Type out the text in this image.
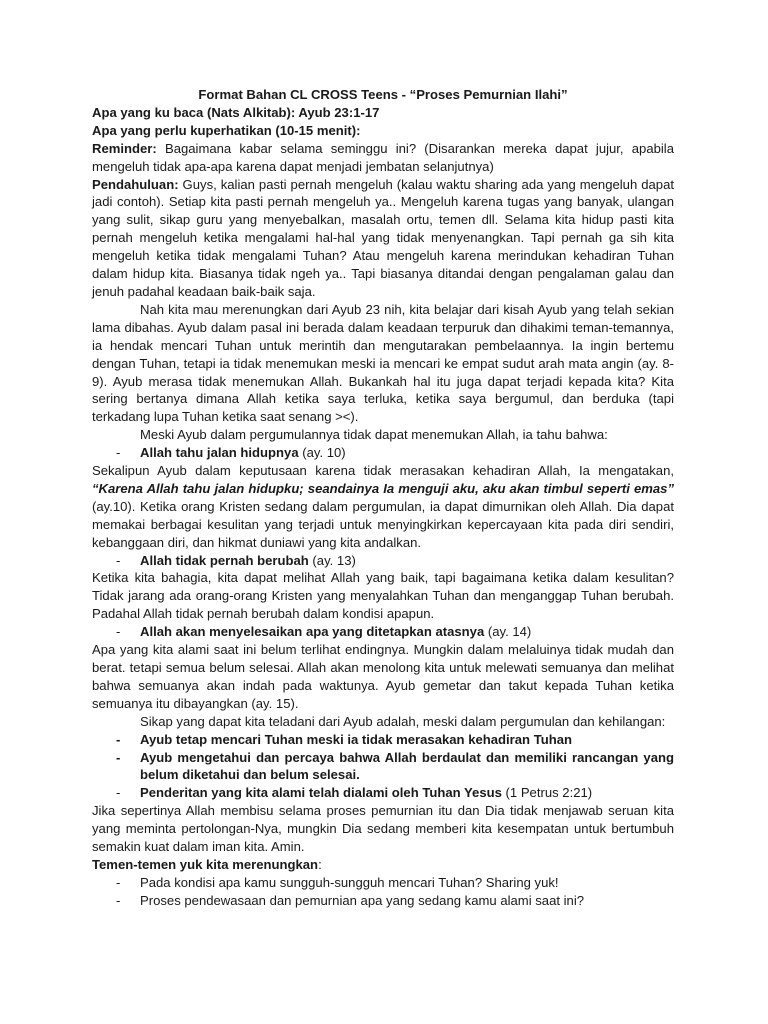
Format Bahan CL CROSS Teens - “Proses Pemurnian Ilahi”

Apa yang ku baca (Nats Alkitab): Ayub 23:1-17

Apa yang perlu kuperhatikan (10-15 menit):

Reminder: Bagaimana kabar selama seminggu ini? (Disarankan mereka dapat jujur, apabila mengeluh tidak apa-apa karena dapat menjadi jembatan selanjutnya)

Pendahuluan: Guys, kalian pasti pernah mengeluh (kalau waktu sharing ada yang mengeluh dapat jadi contoh). Setiap kita pasti pernah mengeluh ya.. Mengeluh karena tugas yang banyak, ulangan yang sulit, sikap guru yang menyebalkan, masalah ortu, temen dll. Selama kita hidup pasti kita pernah mengeluh ketika mengalami hal-hal yang tidak menyenangkan. Tapi pernah ga sih kita mengeluh ketika tidak mengalami Tuhan? Atau mengeluh karena merindukan kehadiran Tuhan dalam hidup kita. Biasanya tidak ngeh ya.. Tapi biasanya ditandai dengan pengalaman galau dan jenuh padahal keadaan baik-baik saja.

Nah kita mau merenungkan dari Ayub 23 nih, kita belajar dari kisah Ayub yang telah sekian lama dibahas. Ayub dalam pasal ini berada dalam keadaan terpuruk dan dihakimi teman-temannya, ia hendak mencari Tuhan untuk merintih dan mengutarakan pembelaannya. Ia ingin bertemu dengan Tuhan, tetapi ia tidak menemukan meski ia mencari ke empat sudut arah mata angin (ay. 8-9). Ayub merasa tidak menemukan Allah. Bukankah hal itu juga dapat terjadi kepada kita? Kita sering bertanya dimana Allah ketika saya terluka, ketika saya bergumul, dan berduka (tapi terkadang lupa Tuhan ketika saat senang ><).

Meski Ayub dalam pergumulannya tidak dapat menemukan Allah, ia tahu bahwa:

- Allah tahu jalan hidupnya (ay. 10)

Sekalipun Ayub dalam keputusaan karena tidak merasakan kehadiran Allah, Ia mengatakan, “Karena Allah tahu jalan hidupku; seandainya Ia menguji aku, aku akan timbul seperti emas” (ay.10). Ketika orang Kristen sedang dalam pergumulan, ia dapat dimurnikan oleh Allah. Dia dapat memakai berbagai kesulitan yang terjadi untuk menyingkirkan kepercayaan kita pada diri sendiri, kebanggaan diri, dan hikmat duniawi yang kita andalkan.

- Allah tidak pernah berubah (ay. 13)

Ketika kita bahagia, kita dapat melihat Allah yang baik, tapi bagaimana ketika dalam kesulitan? Tidak jarang ada orang-orang Kristen yang menyalahkan Tuhan dan menganggap Tuhan berubah. Padahal Allah tidak pernah berubah dalam kondisi apapun.

- Allah akan menyelesaikan apa yang ditetapkan atasnya (ay. 14)

Apa yang kita alami saat ini belum terlihat endingnya. Mungkin dalam melaluinya tidak mudah dan berat. tetapi semua belum selesai. Allah akan menolong kita untuk melewati semuanya dan melihat bahwa semuanya akan indah pada waktunya. Ayub gemetar dan takut kepada Tuhan ketika semuanya itu dibayangkan (ay. 15).

Sikap yang dapat kita teladani dari Ayub adalah, meski dalam pergumulan dan kehilangan:

- Ayub tetap mencari Tuhan meski ia tidak merasakan kehadiran Tuhan
- Ayub mengetahui dan percaya bahwa Allah berdaulat dan memiliki rancangan yang belum diketahui dan belum selesai.
- Penderitan yang kita alami telah dialami oleh Tuhan Yesus (1 Petrus 2:21)

Jika sepertinya Allah membisu selama proses pemurnian itu dan Dia tidak menjawab seruan kita yang meminta pertolongan-Nya, mungkin Dia sedang memberi kita kesempatan untuk bertumbuh semakin kuat dalam iman kita. Amin.

Temen-temen yuk kita merenungkan:

- Pada kondisi apa kamu sungguh-sungguh mencari Tuhan? Sharing yuk!
- Proses pendewasaan dan pemurnian apa yang sedang kamu alami saat ini?
